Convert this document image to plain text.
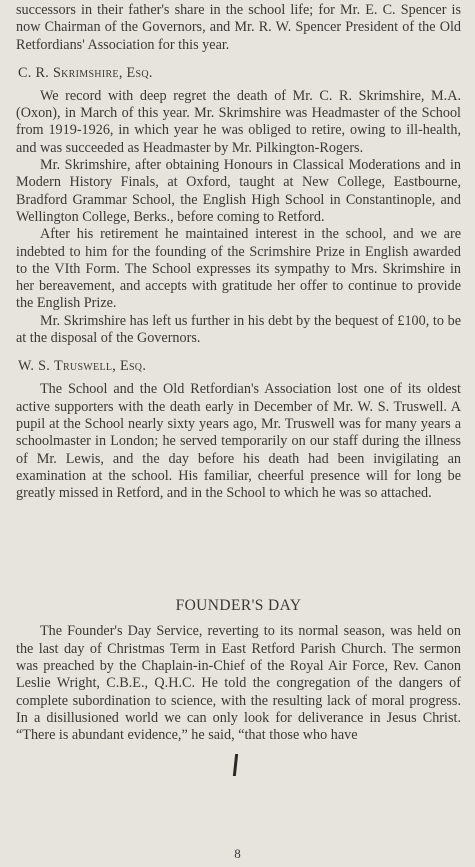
successors in their father's share in the school life; for Mr. E. C. Spencer is now Chairman of the Governors, and Mr. R. W. Spencer President of the Old Retfordians' Association for this year.

C. R. Skrimshire, Esq.

We record with deep regret the death of Mr. C. R. Skrimshire, M.A. (Oxon), in March of this year. Mr. Skrimshire was Headmaster of the School from 1919-1926, in which year he was obliged to retire, owing to ill-health, and was succeeded as Headmaster by Mr. Pilkington-Rogers.

Mr. Skrimshire, after obtaining Honours in Classical Moderations and in Modern History Finals, at Oxford, taught at New College, Eastbourne, Bradford Grammar School, the English High School in Constantinople, and Wellington College, Berks., before coming to Retford.

After his retirement he maintained interest in the school, and we are indebted to him for the founding of the Scrimshire Prize in English awarded to the VIth Form. The School expresses its sympathy to Mrs. Skrimshire in her bereavement, and accepts with gratitude her offer to continue to provide the English Prize.

Mr. Skrimshire has left us further in his debt by the bequest of £100, to be at the disposal of the Governors.

W. S. Truswell, Esq.

The School and the Old Retfordian's Association lost one of its oldest active supporters with the death early in December of Mr. W. S. Truswell. A pupil at the School nearly sixty years ago, Mr. Truswell was for many years a schoolmaster in London; he served temporarily on our staff during the illness of Mr. Lewis, and the day before his death had been invigilating an examination at the school. His familiar, cheerful presence will for long be greatly missed in Retford, and in the School to which he was so attached.

FOUNDER'S DAY

The Founder's Day Service, reverting to its normal season, was held on the last day of Christmas Term in East Retford Parish Church. The sermon was preached by the Chaplain-in-Chief of the Royal Air Force, Rev. Canon Leslie Wright, C.B.E., Q.H.C. He told the congregation of the dangers of complete subordination to science, with the resulting lack of moral progress. In a disillusioned world we can only look for deliverance in Jesus Christ. “There is abundant evidence,” he said, “that those who have

8
